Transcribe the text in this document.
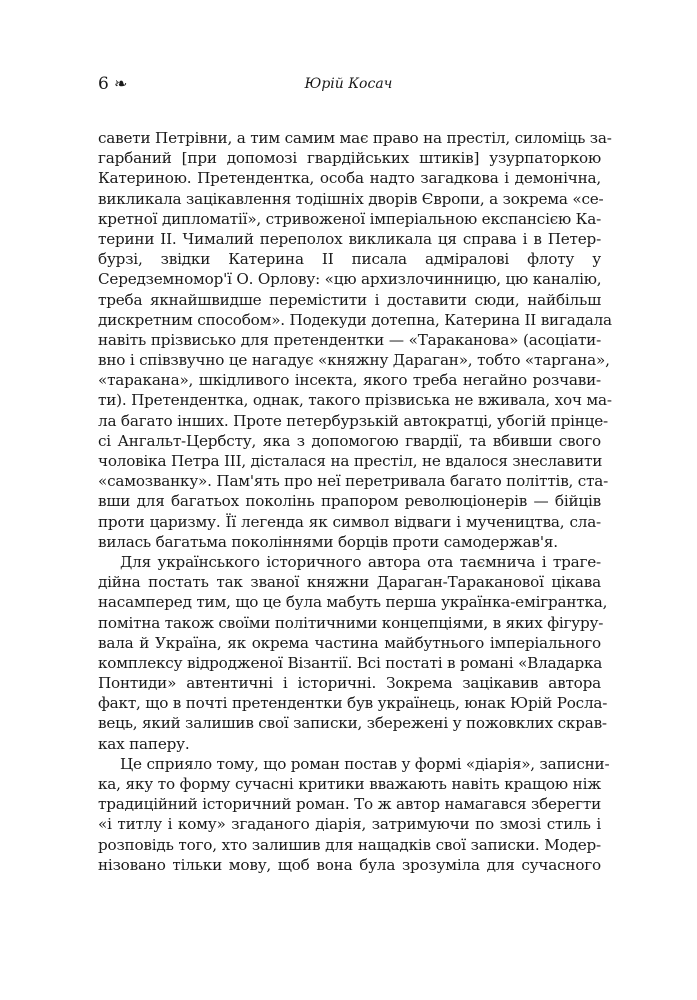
6 ❧	Юрій Косач
савети Петрівни, а тим самим має право на престіл, силоміць за-
гарбаний [при допомозі гвардійських штиків] узурпаторкою
Катериною. Претендентка, особа надто загадкова і демонічна,
викликала зацікавлення тодішніх дворів Європи, а зокрема «се-
кретної дипломатії», стривоженої імперіальною експансією Ка-
терини II. Чималий переполох викликала ця справа і в Петер-
бурзі, звідки Катерина II писала адміралові флоту у
Середземномор'ї О. Орлову: «цю архизлочинницю, цю каналію,
треба якнайшвидше перемістити і доставити сюди, найбільш
дискретним способом». Подекуди дотепна, Катерина II вигадала
навіть прізвисько для претендентки — «Тараканова» (асоціати-
вно і співзвучно це нагадує «княжну Дараган», тобто «таргана»,
«таракана», шкідливого інсекта, якого треба негайно розчави-
ти). Претендентка, однак, такого прізвиська не вживала, хоч ма-
ла багато інших. Проте петербурзькій автократці, убогій прінце-
сі Ангальт-Цербсту, яка з допомогою гвардії, та вбивши свого
чоловіка Петра III, дісталася на престіл, не вдалося знеславити
«самозванку». Пам'ять про неї перетривала багато політтів, ста-
вши для багатьох поколінь прапором революціонерів — бійців
проти царизму. Її легенда як символ відваги і мучеництва, сла-
вилась багатьма поколіннями борців проти самодержав'я.
Для українського історичного автора ота таємнича і траге-
дійна постать так званої княжни Дараган-Тараканової цікава
насамперед тим, що це була мабуть перша українка-емігрантка,
помітна також своїми політичними концепціями, в яких фігуру-
вала й Україна, як окрема частина майбутнього імперіального
комплексу відродженої Візантії. Всі постаті в романі «Владарка
Понтиди» автентичні і історичні. Зокрема зацікавив автора
факт, що в почті претендентки був українець, юнак Юрій Росла-
вець, який залишив свої записки, збережені у пожовклих скрав-
ках паперу.
Це сприяло тому, що роман постав у формі «діарія», записни-
ка, яку то форму сучасні критики вважають навіть кращою ніж
традиційний історичний роман. То ж автор намагався зберегти
«і титлу і кому» згаданого діарія, затримуючи по змозі стиль і
розповідь того, хто залишив для нащадків свої записки. Модер-
нізовано тільки мову, щоб вона була зрозуміла для сучасного
